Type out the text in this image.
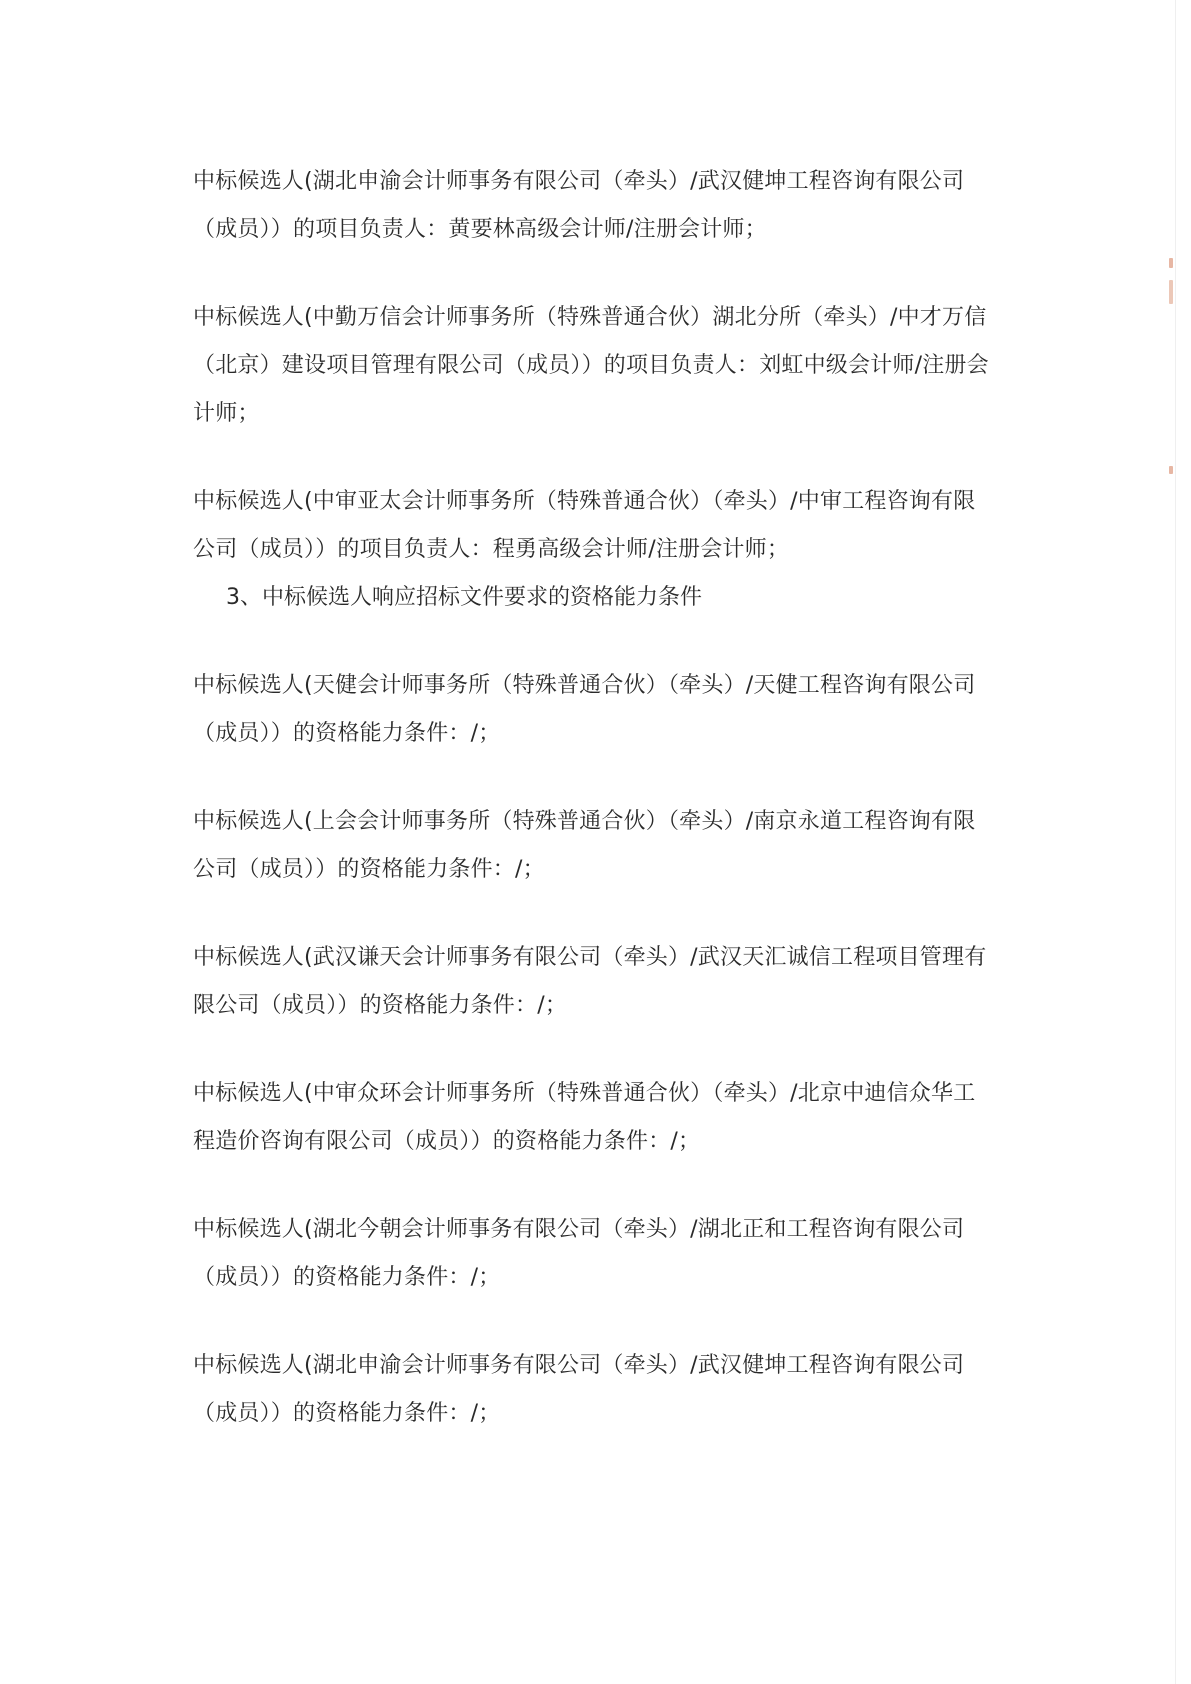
中标候选人(湖北申渝会计师事务有限公司（牵头）/武汉健坤工程咨询有限公司（成员））的项目负责人：黄要林高级会计师/注册会计师；

中标候选人(中勤万信会计师事务所（特殊普通合伙）湖北分所（牵头）/中才万信（北京）建设项目管理有限公司（成员））的项目负责人：刘虹中级会计师/注册会计师；

中标候选人(中审亚太会计师事务所（特殊普通合伙）（牵头）/中审工程咨询有限公司（成员））的项目负责人：程勇高级会计师/注册会计师；

3、中标候选人响应招标文件要求的资格能力条件

中标候选人(天健会计师事务所（特殊普通合伙）（牵头）/天健工程咨询有限公司（成员））的资格能力条件：/；

中标候选人(上会会计师事务所（特殊普通合伙）（牵头）/南京永道工程咨询有限公司（成员））的资格能力条件：/；

中标候选人(武汉谦天会计师事务有限公司（牵头）/武汉天汇诚信工程项目管理有限公司（成员））的资格能力条件：/；

中标候选人(中审众环会计师事务所（特殊普通合伙）（牵头）/北京中迪信众华工程造价咨询有限公司（成员））的资格能力条件：/；

中标候选人(湖北今朝会计师事务有限公司（牵头）/湖北正和工程咨询有限公司（成员））的资格能力条件：/；

中标候选人(湖北申渝会计师事务有限公司（牵头）/武汉健坤工程咨询有限公司（成员））的资格能力条件：/；
